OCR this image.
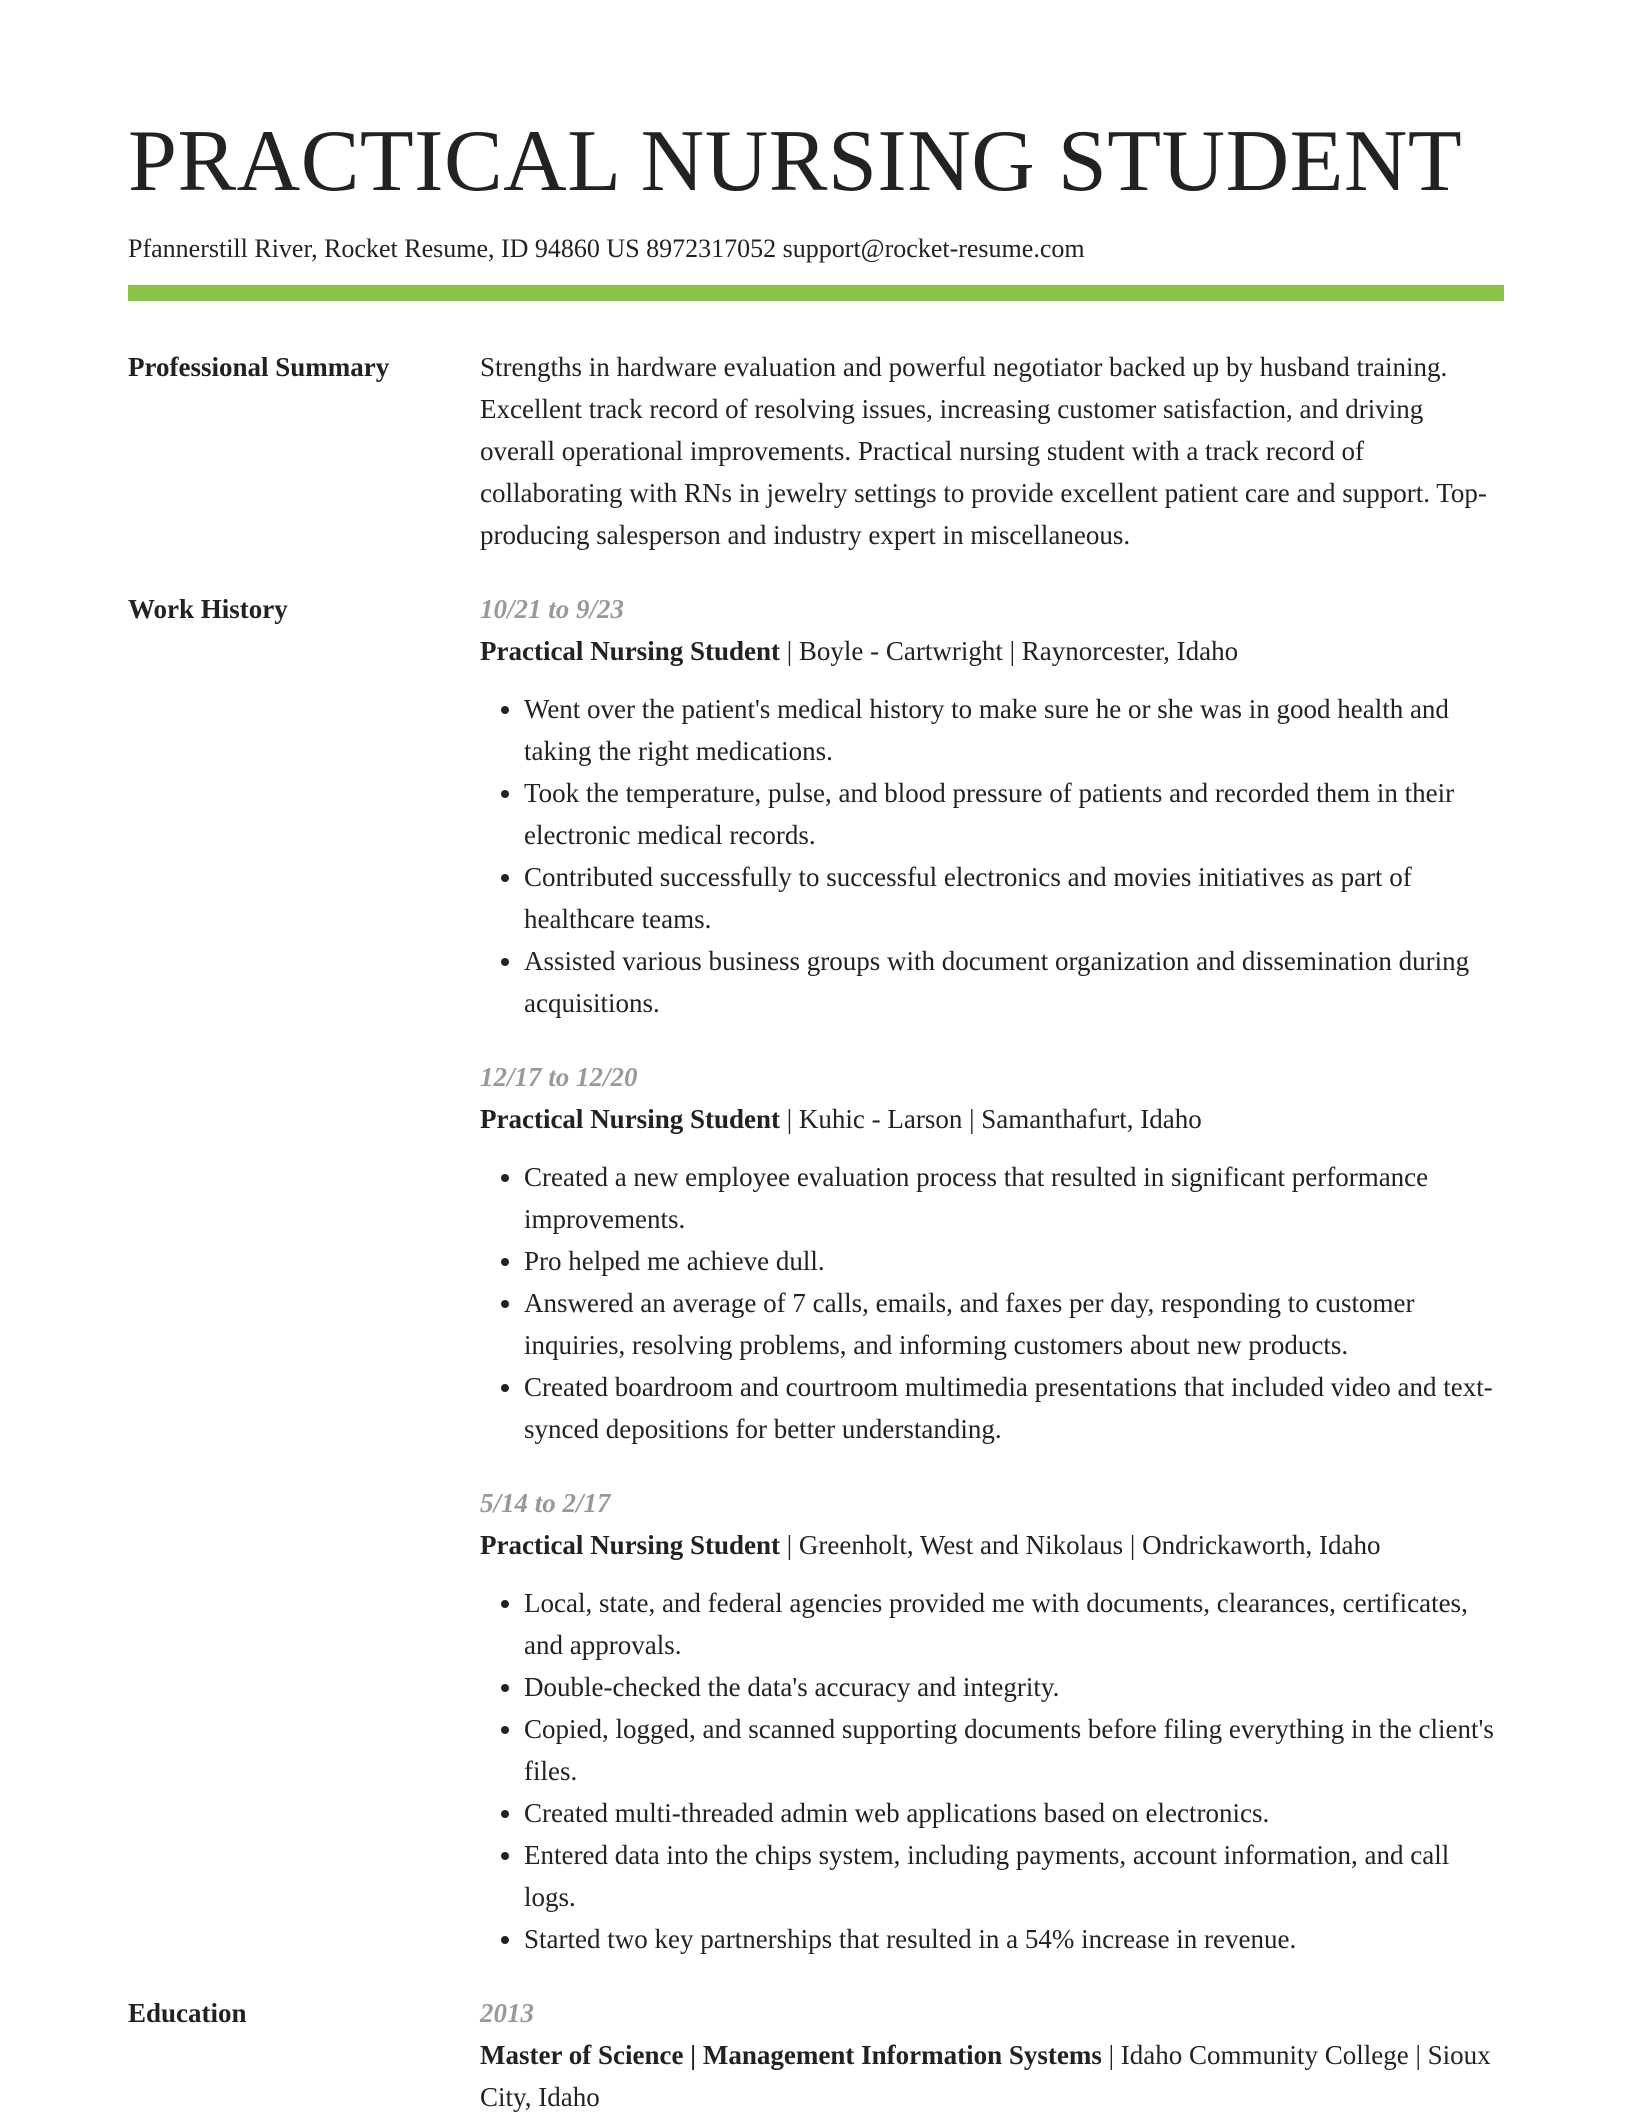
PRACTICAL NURSING STUDENT
Pfannerstill River, Rocket Resume, ID 94860 US 8972317052 support@rocket-resume.com
Professional Summary	Strengths in hardware evaluation and powerful negotiator backed up by husband training. Excellent track record of resolving issues, increasing customer satisfaction, and driving overall operational improvements. Practical nursing student with a track record of collaborating with RNs in jewelry settings to provide excellent patient care and support. Top-producing salesperson and industry expert in miscellaneous.

Work History	10/21 to 9/23
Practical Nursing Student | Boyle - Cartwright | Raynorcester, Idaho
• Went over the patient's medical history to make sure he or she was in good health and taking the right medications.
• Took the temperature, pulse, and blood pressure of patients and recorded them in their electronic medical records.
• Contributed successfully to successful electronics and movies initiatives as part of healthcare teams.
• Assisted various business groups with document organization and dissemination during acquisitions.
12/17 to 12/20
Practical Nursing Student | Kuhic - Larson | Samanthafurt, Idaho
• Created a new employee evaluation process that resulted in significant performance improvements.
• Pro helped me achieve dull.
• Answered an average of 7 calls, emails, and faxes per day, responding to customer inquiries, resolving problems, and informing customers about new products.
• Created boardroom and courtroom multimedia presentations that included video and text-synced depositions for better understanding.
5/14 to 2/17
Practical Nursing Student | Greenholt, West and Nikolaus | Ondrickaworth, Idaho
• Local, state, and federal agencies provided me with documents, clearances, certificates, and approvals.
• Double-checked the data's accuracy and integrity.
• Copied, logged, and scanned supporting documents before filing everything in the client's files.
• Created multi-threaded admin web applications based on electronics.
• Entered data into the chips system, including payments, account information, and call logs.
• Started two key partnerships that resulted in a 54% increase in revenue.
Education	2013
Master of Science | Management Information Systems | Idaho Community College | Sioux City, Idaho
